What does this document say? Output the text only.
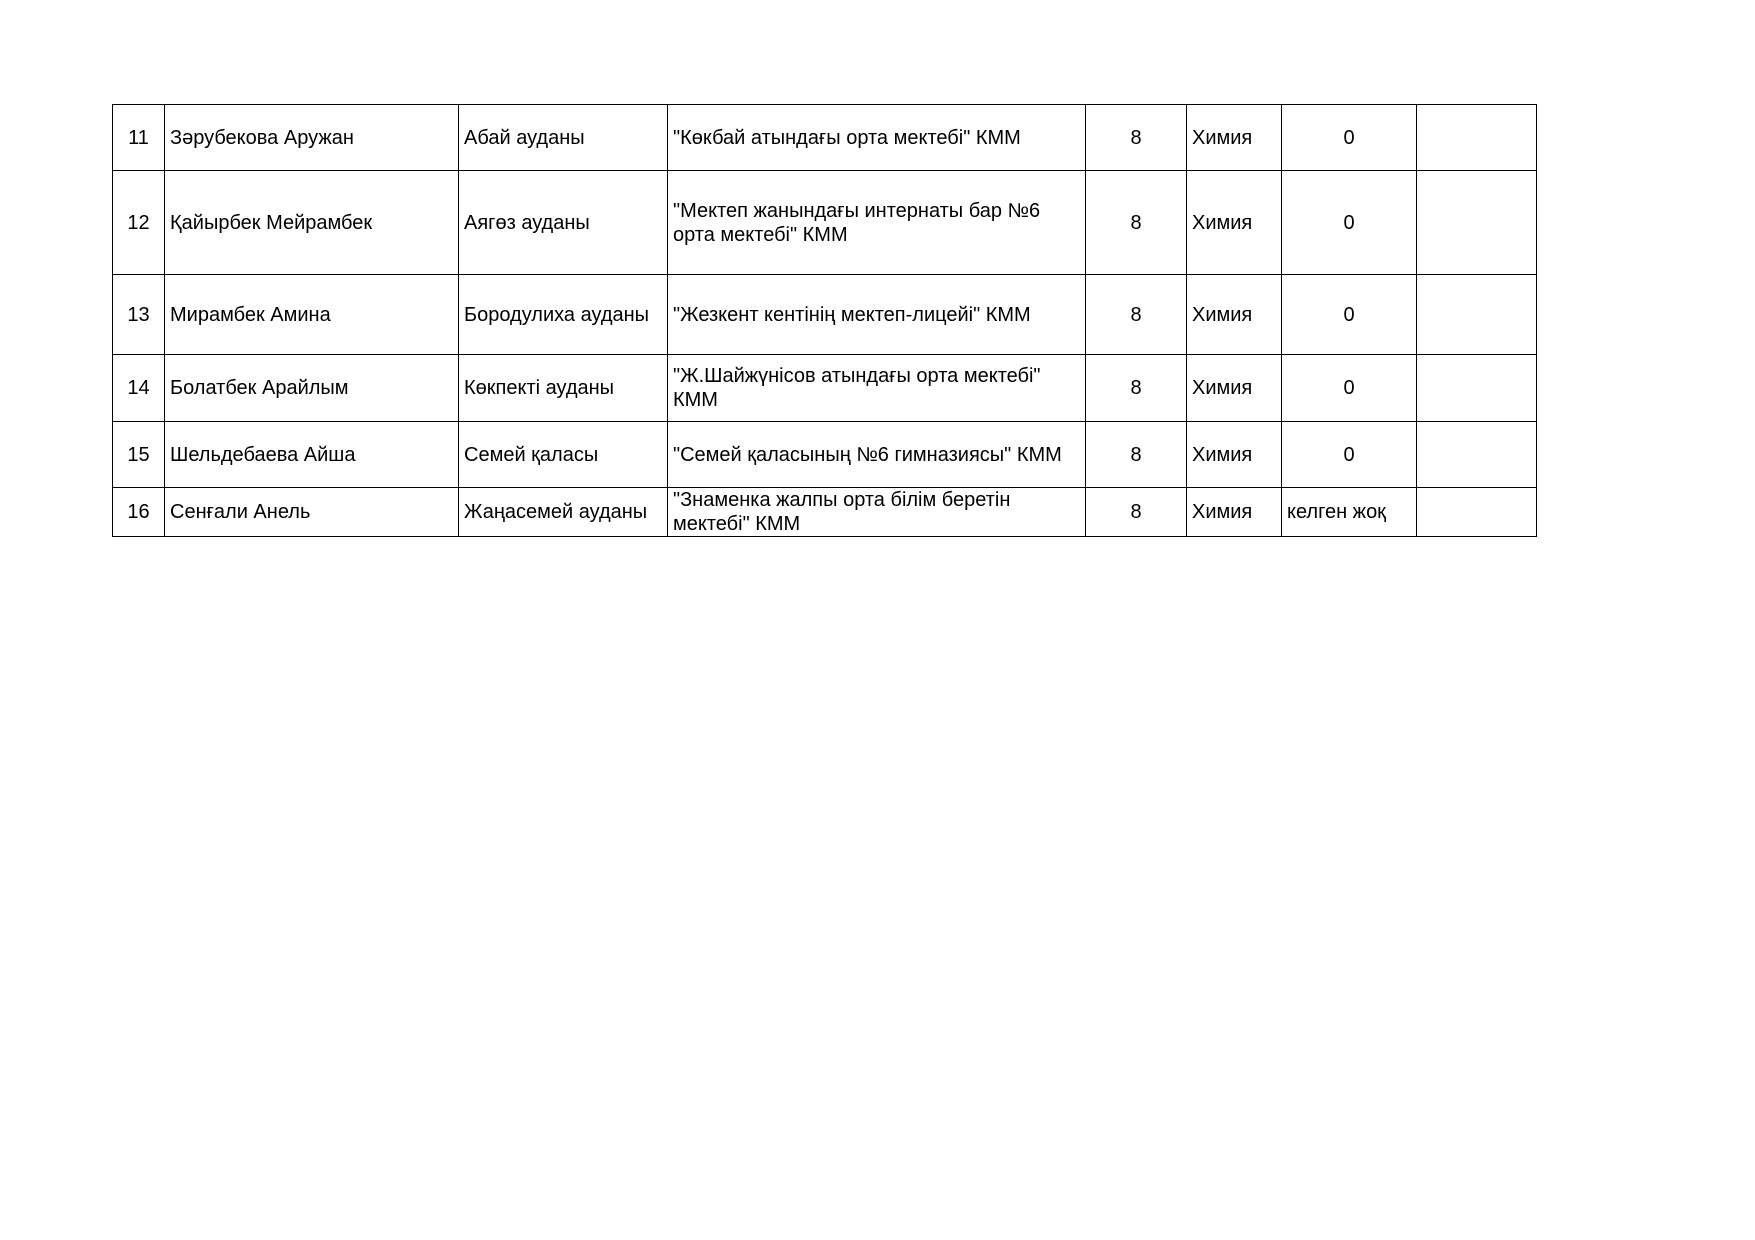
11	Зәрубекова Аружан	Абай ауданы	"Көкбай атындағы орта мектебі" КММ	8	Химия	0	
12	Қайырбек Мейрамбек	Аягөз ауданы	"Мектеп жанындағы интернаты бар №6 орта мектебі" КММ	8	Химия	0	
13	Мирамбек Амина	Бородулиха ауданы	"Жезкент кентінің мектеп-лицейі" КММ	8	Химия	0	
14	Болатбек Арайлым	Көкпекті ауданы	"Ж.Шайжүнісов атындағы орта мектебі" КММ	8	Химия	0	
15	Шельдебаева Айша	Семей қаласы	"Семей қаласының №6 гимназиясы" КММ	8	Химия	0	
16	Сенғали Анель	Жаңасемей ауданы	"Знаменка жалпы орта білім беретін мектебі" КММ	8	Химия	келген жоқ	
